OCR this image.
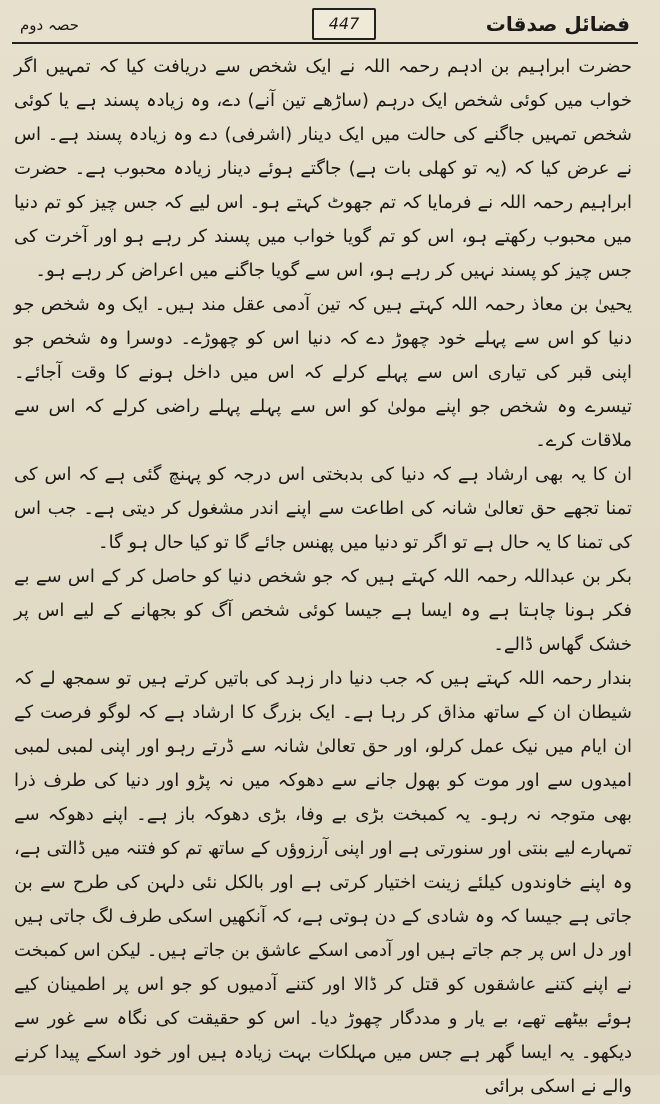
فضائل صدقات
447
حصہ دوم

حضرت ابراہیم بن ادہم رحمہ اللہ نے ایک شخص سے دریافت کیا کہ تمہیں اگر خواب میں کوئی شخص ایک درہم (ساڑھے تین آنے) دے، وہ زیادہ پسند ہے یا کوئی شخص تمہیں جاگنے کی حالت میں ایک دینار (اشرفی) دے وہ زیادہ پسند ہے۔ اس نے عرض کیا کہ (یہ تو کھلی بات ہے) جاگتے ہوئے دینار زیادہ محبوب ہے۔ حضرت ابراہیم رحمہ اللہ نے فرمایا کہ تم جھوٹ کہتے ہو۔ اس لیے کہ جس چیز کو تم دنیا میں محبوب رکھتے ہو، اس کو تم گویا خواب میں پسند کر رہے ہو اور آخرت کی جس چیز کو پسند نہیں کر رہے ہو، اس سے گویا جاگنے میں اعراض کر رہے ہو۔

یحییٰ بن معاذ رحمہ اللہ کہتے ہیں کہ تین آدمی عقل مند ہیں۔ ایک وہ شخص جو دنیا کو اس سے پہلے خود چھوڑ دے کہ دنیا اس کو چھوڑے۔ دوسرا وہ شخص جو اپنی قبر کی تیاری اس سے پہلے کرلے کہ اس میں داخل ہونے کا وقت آجائے۔ تیسرے وہ شخص جو اپنے مولیٰ کو اس سے پہلے پہلے راضی کرلے کہ اس سے ملاقات کرے۔

ان کا یہ بھی ارشاد ہے کہ دنیا کی بدبختی اس درجہ کو پہنچ گئی ہے کہ اس کی تمنا تجھے حق تعالیٰ شانہ کی اطاعت سے اپنے اندر مشغول کر دیتی ہے۔ جب اس کی تمنا کا یہ حال ہے تو اگر تو دنیا میں پھنس جائے گا تو کیا حال ہو گا۔

بکر بن عبداللہ رحمہ اللہ کہتے ہیں کہ جو شخص دنیا کو حاصل کر کے اس سے بے فکر ہونا چاہتا ہے وہ ایسا ہے جیسا کوئی شخص آگ کو بجھانے کے لیے اس پر خشک گھاس ڈالے۔

بندار رحمہ اللہ کہتے ہیں کہ جب دنیا دار زہد کی باتیں کرتے ہیں تو سمجھ لے کہ شیطان ان کے ساتھ مذاق کر رہا ہے۔ ایک بزرگ کا ارشاد ہے کہ لوگو فرصت کے ان ایام میں نیک عمل کرلو، اور حق تعالیٰ شانہ سے ڈرتے رہو اور اپنی لمبی لمبی امیدوں سے اور موت کو بھول جانے سے دھوکہ میں نہ پڑو اور دنیا کی طرف ذرا بھی متوجہ نہ رہو۔ یہ کمبخت بڑی بے وفا، بڑی دھوکہ باز ہے۔ اپنے دھوکہ سے تمہارے لیے بنتی اور سنورتی ہے اور اپنی آرزوؤں کے ساتھ تم کو فتنہ میں ڈالتی ہے، وہ اپنے خاوندوں کیلئے زینت اختیار کرتی ہے اور بالکل نئی دلہن کی طرح سے بن جاتی ہے جیسا کہ وہ شادی کے دن ہوتی ہے، کہ آنکھیں اسکی طرف لگ جاتی ہیں اور دل اس پر جم جاتے ہیں اور آدمی اسکے عاشق بن جاتے ہیں۔ لیکن اس کمبخت نے اپنے کتنے عاشقوں کو قتل کر ڈالا اور کتنے آدمیوں کو جو اس پر اطمینان کیے ہوئے بیٹھے تھے، بے یار و مددگار چھوڑ دیا۔ اس کو حقیقت کی نگاہ سے غور سے دیکھو۔ یہ ایسا گھر ہے جس میں مہلکات بہت زیادہ ہیں اور خود اسکے پیدا کرنے والے نے اسکی برائی
